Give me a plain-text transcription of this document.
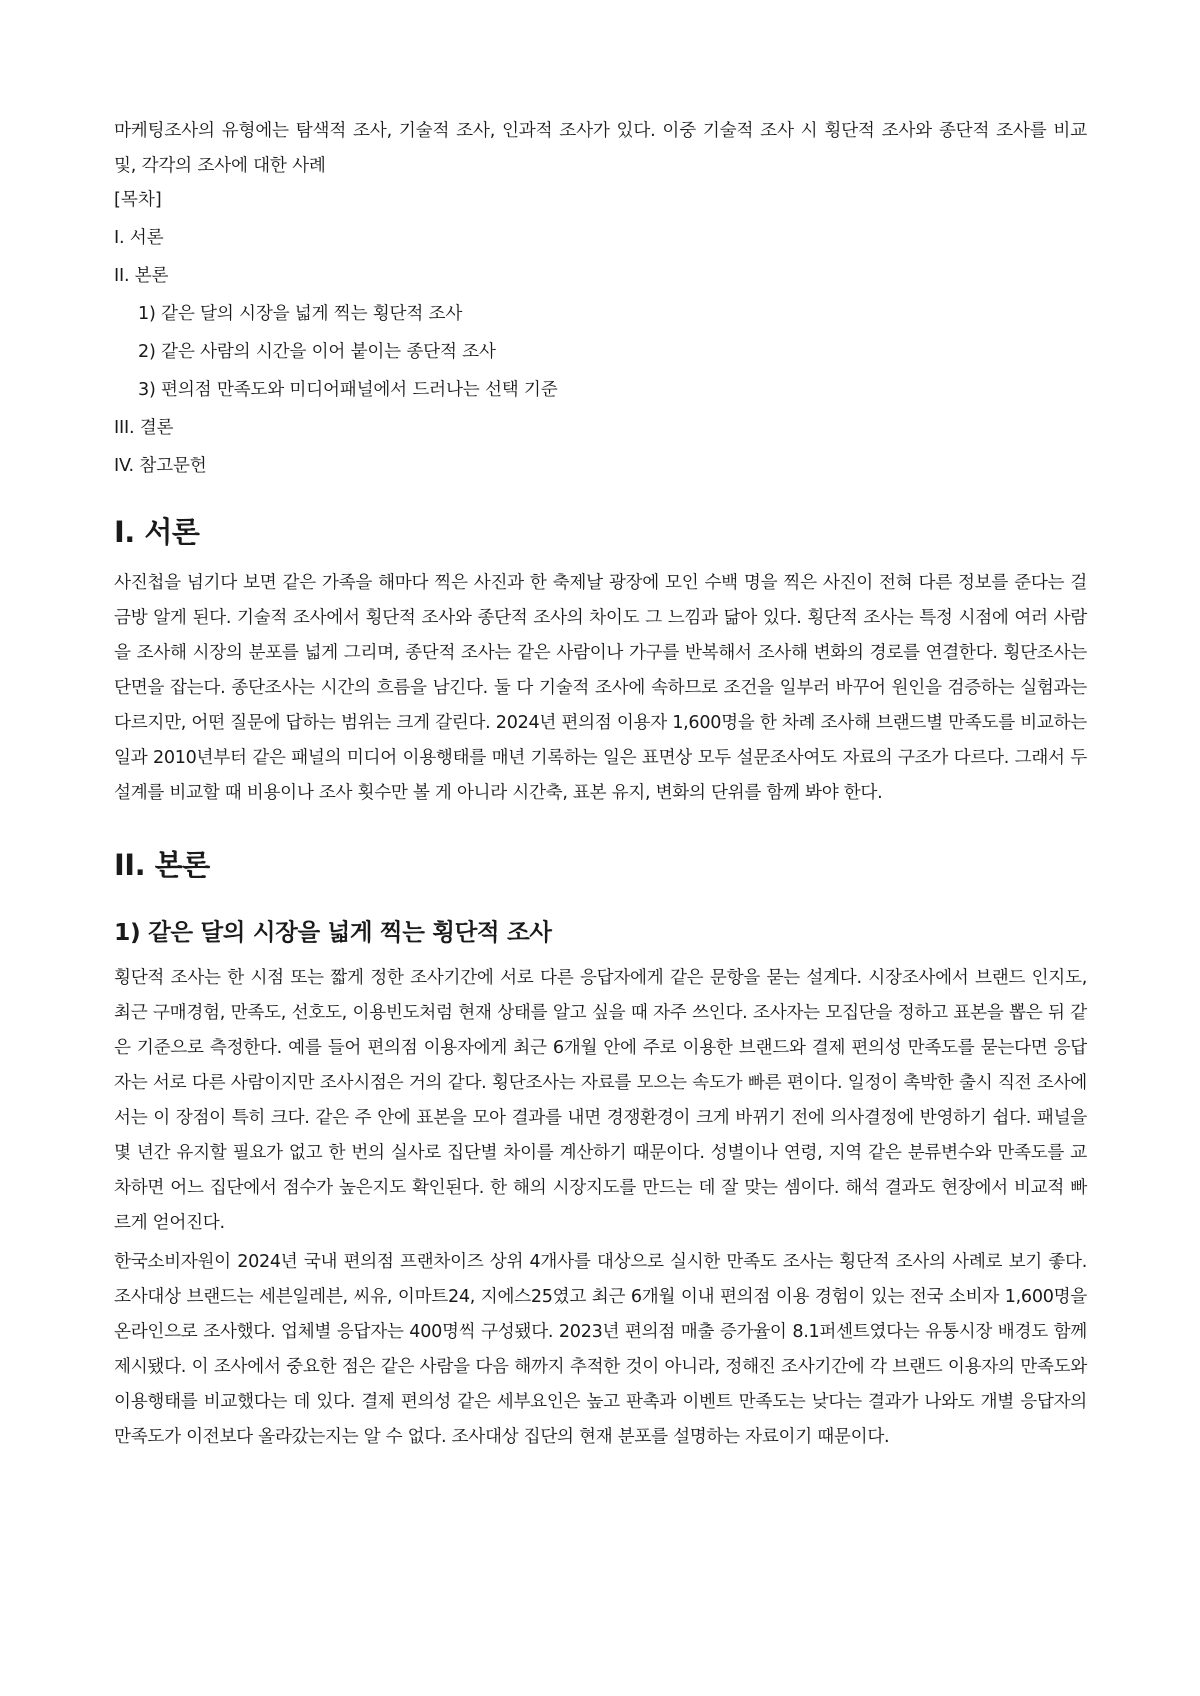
마케팅조사의 유형에는 탐색적 조사, 기술적 조사, 인과적 조사가 있다. 이중 기술적 조사 시 횡단적 조사와 종단적 조사를 비교 및, 각각의 조사에 대한 사례

[목차]
I. 서론
II. 본론
1) 같은 달의 시장을 넓게 찍는 횡단적 조사
2) 같은 사람의 시간을 이어 붙이는 종단적 조사
3) 편의점 만족도와 미디어패널에서 드러나는 선택 기준
III. 결론
IV. 참고문헌
I. 서론

사진첩을 넘기다 보면 같은 가족을 해마다 찍은 사진과 한 축제날 광장에 모인 수백 명을 찍은 사진이 전혀 다른 정보를 준다는 걸 금방 알게 된다. 기술적 조사에서 횡단적 조사와 종단적 조사의 차이도 그 느낌과 닮아 있다. 횡단적 조사는 특정 시점에 여러 사람을 조사해 시장의 분포를 넓게 그리며, 종단적 조사는 같은 사람이나 가구를 반복해서 조사해 변화의 경로를 연결한다. 횡단조사는 단면을 잡는다. 종단조사는 시간의 흐름을 남긴다. 둘 다 기술적 조사에 속하므로 조건을 일부러 바꾸어 원인을 검증하는 실험과는 다르지만, 어떤 질문에 답하는 범위는 크게 갈린다. 2024년 편의점 이용자 1,600명을 한 차례 조사해 브랜드별 만족도를 비교하는 일과 2010년부터 같은 패널의 미디어 이용행태를 매년 기록하는 일은 표면상 모두 설문조사여도 자료의 구조가 다르다. 그래서 두 설계를 비교할 때 비용이나 조사 횟수만 볼 게 아니라 시간축, 표본 유지, 변화의 단위를 함께 봐야 한다.

II. 본론
1) 같은 달의 시장을 넓게 찍는 횡단적 조사

횡단적 조사는 한 시점 또는 짧게 정한 조사기간에 서로 다른 응답자에게 같은 문항을 묻는 설계다. 시장조사에서 브랜드 인지도, 최근 구매경험, 만족도, 선호도, 이용빈도처럼 현재 상태를 알고 싶을 때 자주 쓰인다. 조사자는 모집단을 정하고 표본을 뽑은 뒤 같은 기준으로 측정한다. 예를 들어 편의점 이용자에게 최근 6개월 안에 주로 이용한 브랜드와 결제 편의성 만족도를 묻는다면 응답자는 서로 다른 사람이지만 조사시점은 거의 같다. 횡단조사는 자료를 모으는 속도가 빠른 편이다. 일정이 촉박한 출시 직전 조사에서는 이 장점이 특히 크다. 같은 주 안에 표본을 모아 결과를 내면 경쟁환경이 크게 바뀌기 전에 의사결정에 반영하기 쉽다. 패널을 몇 년간 유지할 필요가 없고 한 번의 실사로 집단별 차이를 계산하기 때문이다. 성별이나 연령, 지역 같은 분류변수와 만족도를 교차하면 어느 집단에서 점수가 높은지도 확인된다. 한 해의 시장지도를 만드는 데 잘 맞는 셈이다. 해석 결과도 현장에서 비교적 빠르게 얻어진다.

한국소비자원이 2024년 국내 편의점 프랜차이즈 상위 4개사를 대상으로 실시한 만족도 조사는 횡단적 조사의 사례로 보기 좋다. 조사대상 브랜드는 세븐일레븐, 씨유, 이마트24, 지에스25였고 최근 6개월 이내 편의점 이용 경험이 있는 전국 소비자 1,600명을 온라인으로 조사했다. 업체별 응답자는 400명씩 구성됐다. 2023년 편의점 매출 증가율이 8.1퍼센트였다는 유통시장 배경도 함께 제시됐다. 이 조사에서 중요한 점은 같은 사람을 다음 해까지 추적한 것이 아니라, 정해진 조사기간에 각 브랜드 이용자의 만족도와 이용행태를 비교했다는 데 있다. 결제 편의성 같은 세부요인은 높고 판촉과 이벤트 만족도는 낮다는 결과가 나와도 개별 응답자의 만족도가 이전보다 올라갔는지는 알 수 없다. 조사대상 집단의 현재 분포를 설명하는 자료이기 때문이다.
